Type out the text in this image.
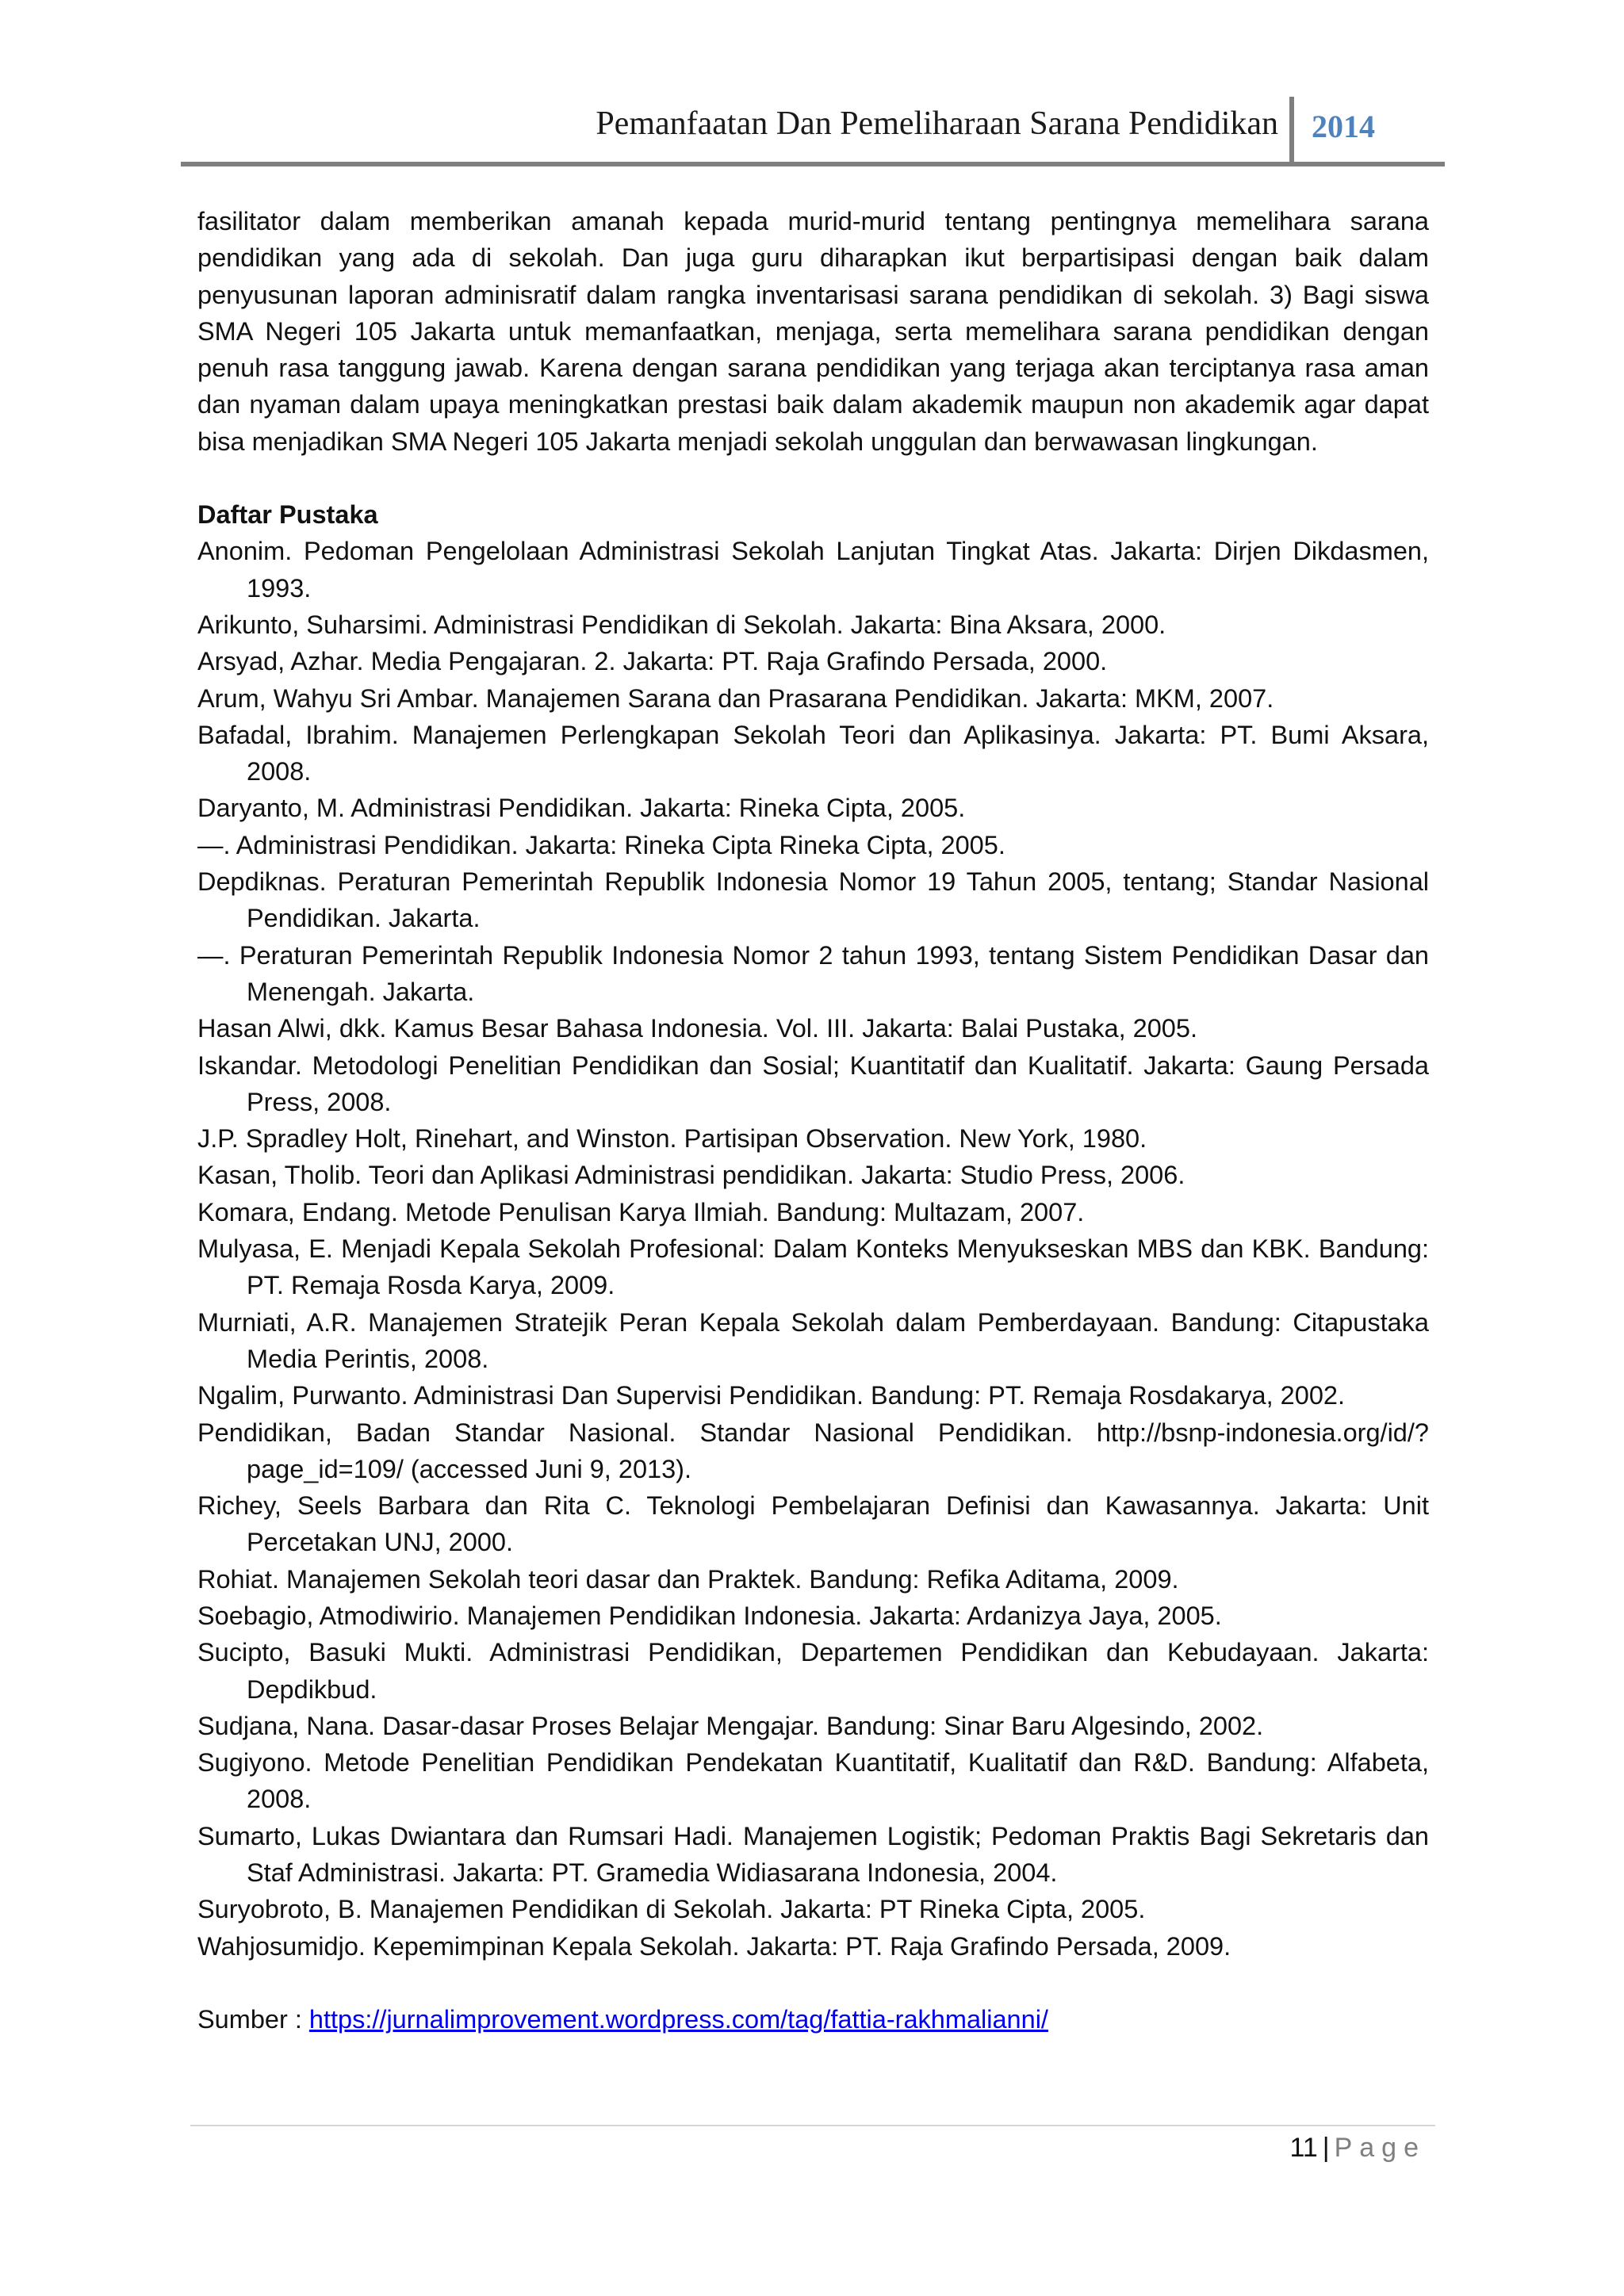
Pemanfaatan Dan Pemeliharaan Sarana Pendidikan 2014

fasilitator dalam memberikan amanah kepada murid-murid tentang pentingnya memelihara sarana pendidikan yang ada di sekolah. Dan juga guru diharapkan ikut berpartisipasi dengan baik dalam penyusunan laporan adminisratif dalam rangka inventarisasi sarana pendidikan di sekolah. 3) Bagi siswa SMA Negeri 105 Jakarta untuk memanfaatkan, menjaga, serta memelihara sarana pendidikan dengan penuh rasa tanggung jawab. Karena dengan sarana pendidikan yang terjaga akan terciptanya rasa aman dan nyaman dalam upaya meningkatkan prestasi baik dalam akademik maupun non akademik agar dapat bisa menjadikan SMA Negeri 105 Jakarta menjadi sekolah unggulan dan berwawasan lingkungan.

Daftar Pustaka

Anonim. Pedoman Pengelolaan Administrasi Sekolah Lanjutan Tingkat Atas. Jakarta: Dirjen Dikdasmen, 1993.
Arikunto, Suharsimi. Administrasi Pendidikan di Sekolah. Jakarta: Bina Aksara, 2000.
Arsyad, Azhar. Media Pengajaran. 2. Jakarta: PT. Raja Grafindo Persada, 2000.
Arum, Wahyu Sri Ambar. Manajemen Sarana dan Prasarana Pendidikan. Jakarta: MKM, 2007.
Bafadal, Ibrahim. Manajemen Perlengkapan Sekolah Teori dan Aplikasinya. Jakarta: PT. Bumi Aksara, 2008.
Daryanto, M. Administrasi Pendidikan. Jakarta: Rineka Cipta, 2005.
—. Administrasi Pendidikan. Jakarta: Rineka Cipta Rineka Cipta, 2005.
Depdiknas. Peraturan Pemerintah Republik Indonesia Nomor 19 Tahun 2005, tentang; Standar Nasional Pendidikan. Jakarta.
—. Peraturan Pemerintah Republik Indonesia Nomor 2 tahun 1993, tentang Sistem Pendidikan Dasar dan Menengah. Jakarta.
Hasan Alwi, dkk. Kamus Besar Bahasa Indonesia. Vol. III. Jakarta: Balai Pustaka, 2005.
Iskandar. Metodologi Penelitian Pendidikan dan Sosial; Kuantitatif dan Kualitatif. Jakarta: Gaung Persada Press, 2008.
J.P. Spradley Holt, Rinehart, and Winston. Partisipan Observation. New York, 1980.
Kasan, Tholib. Teori dan Aplikasi Administrasi pendidikan. Jakarta: Studio Press, 2006.
Komara, Endang. Metode Penulisan Karya Ilmiah. Bandung: Multazam, 2007.
Mulyasa, E. Menjadi Kepala Sekolah Profesional: Dalam Konteks Menyukseskan MBS dan KBK. Bandung: PT. Remaja Rosda Karya, 2009.
Murniati, A.R. Manajemen Stratejik Peran Kepala Sekolah dalam Pemberdayaan. Bandung: Citapustaka Media Perintis, 2008.
Ngalim, Purwanto. Administrasi Dan Supervisi Pendidikan. Bandung: PT. Remaja Rosdakarya, 2002.
Pendidikan, Badan Standar Nasional. Standar Nasional Pendidikan. http://bsnp-indonesia.org/id/?page_id=109/ (accessed Juni 9, 2013).
Richey, Seels Barbara dan Rita C. Teknologi Pembelajaran Definisi dan Kawasannya. Jakarta: Unit Percetakan UNJ, 2000.
Rohiat. Manajemen Sekolah teori dasar dan Praktek. Bandung: Refika Aditama, 2009.
Soebagio, Atmodiwirio. Manajemen Pendidikan Indonesia. Jakarta: Ardanizya Jaya, 2005.
Sucipto, Basuki Mukti. Administrasi Pendidikan, Departemen Pendidikan dan Kebudayaan. Jakarta: Depdikbud.
Sudjana, Nana. Dasar-dasar Proses Belajar Mengajar. Bandung: Sinar Baru Algesindo, 2002.
Sugiyono. Metode Penelitian Pendidikan Pendekatan Kuantitatif, Kualitatif dan R&D. Bandung: Alfabeta, 2008.
Sumarto, Lukas Dwiantara dan Rumsari Hadi. Manajemen Logistik; Pedoman Praktis Bagi Sekretaris dan Staf Administrasi. Jakarta: PT. Gramedia Widiasarana Indonesia, 2004.
Suryobroto, B. Manajemen Pendidikan di Sekolah. Jakarta: PT Rineka Cipta, 2005.
Wahjosumidjo. Kepemimpinan Kepala Sekolah. Jakarta: PT. Raja Grafindo Persada, 2009.

Sumber : https://jurnalimprovement.wordpress.com/tag/fattia-rakhmalianni/

11 | Page
